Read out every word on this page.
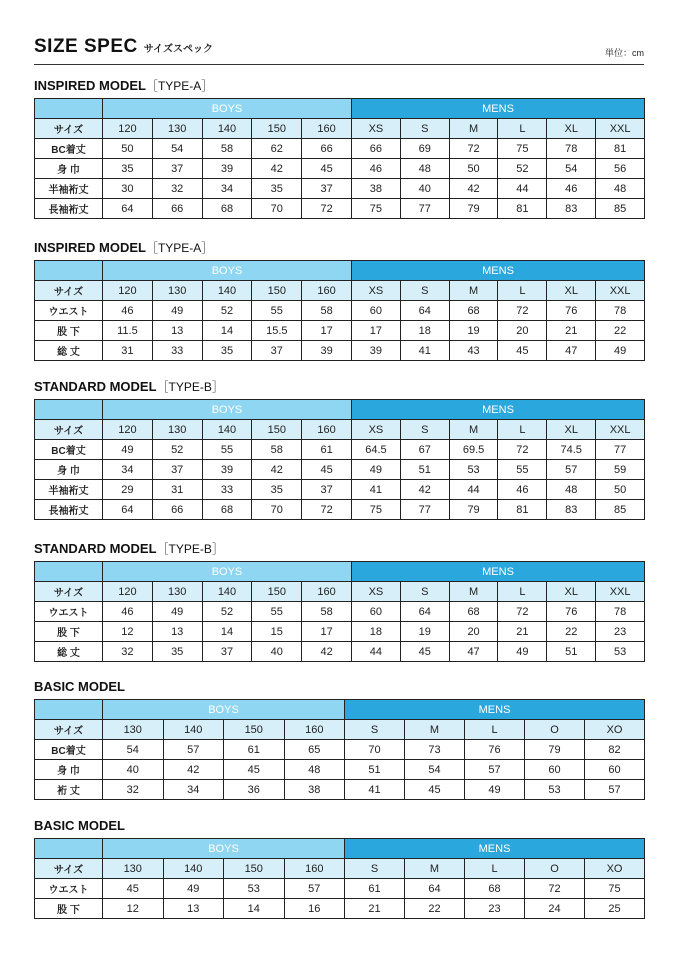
SIZE SPEC サイズスペック	単位：cm
INSPIRED MODEL［TYPE-A］
	BOYS					MENS					
サイズ	120	130	140	150	160	XS	S	M	L	XL	XXL
BC着丈	50	54	58	62	66	66	69	72	75	78	81
身 巾	35	37	39	42	45	46	48	50	52	54	56
半袖裄丈	30	32	34	35	37	38	40	42	44	46	48
長袖裄丈	64	66	68	70	72	75	77	79	81	83	85
INSPIRED MODEL［TYPE-A］
	BOYS					MENS					
サイズ	120	130	140	150	160	XS	S	M	L	XL	XXL
ウエスト	46	49	52	55	58	60	64	68	72	76	78
股 下	11.5	13	14	15.5	17	17	18	19	20	21	22
総 丈	31	33	35	37	39	39	41	43	45	47	49
STANDARD MODEL［TYPE-B］
	BOYS					MENS					
サイズ	120	130	140	150	160	XS	S	M	L	XL	XXL
BC着丈	49	52	55	58	61	64.5	67	69.5	72	74.5	77
身 巾	34	37	39	42	45	49	51	53	55	57	59
半袖裄丈	29	31	33	35	37	41	42	44	46	48	50
長袖裄丈	64	66	68	70	72	75	77	79	81	83	85
STANDARD MODEL［TYPE-B］
	BOYS					MENS					
サイズ	120	130	140	150	160	XS	S	M	L	XL	XXL
ウエスト	46	49	52	55	58	60	64	68	72	76	78
股 下	12	13	14	15	17	18	19	20	21	22	23
総 丈	32	35	37	40	42	44	45	47	49	51	53
BASIC MODEL
	BOYS				MENS				
サイズ	130	140	150	160	S	M	L	O	XO
BC着丈	54	57	61	65	70	73	76	79	82
身 巾	40	42	45	48	51	54	57	60	60
裄 丈	32	34	36	38	41	45	49	53	57
BASIC MODEL
	BOYS				MENS				
サイズ	130	140	150	160	S	M	L	O	XO
ウエスト	45	49	53	57	61	64	68	72	75
股 下	12	13	14	16	21	22	23	24	25
